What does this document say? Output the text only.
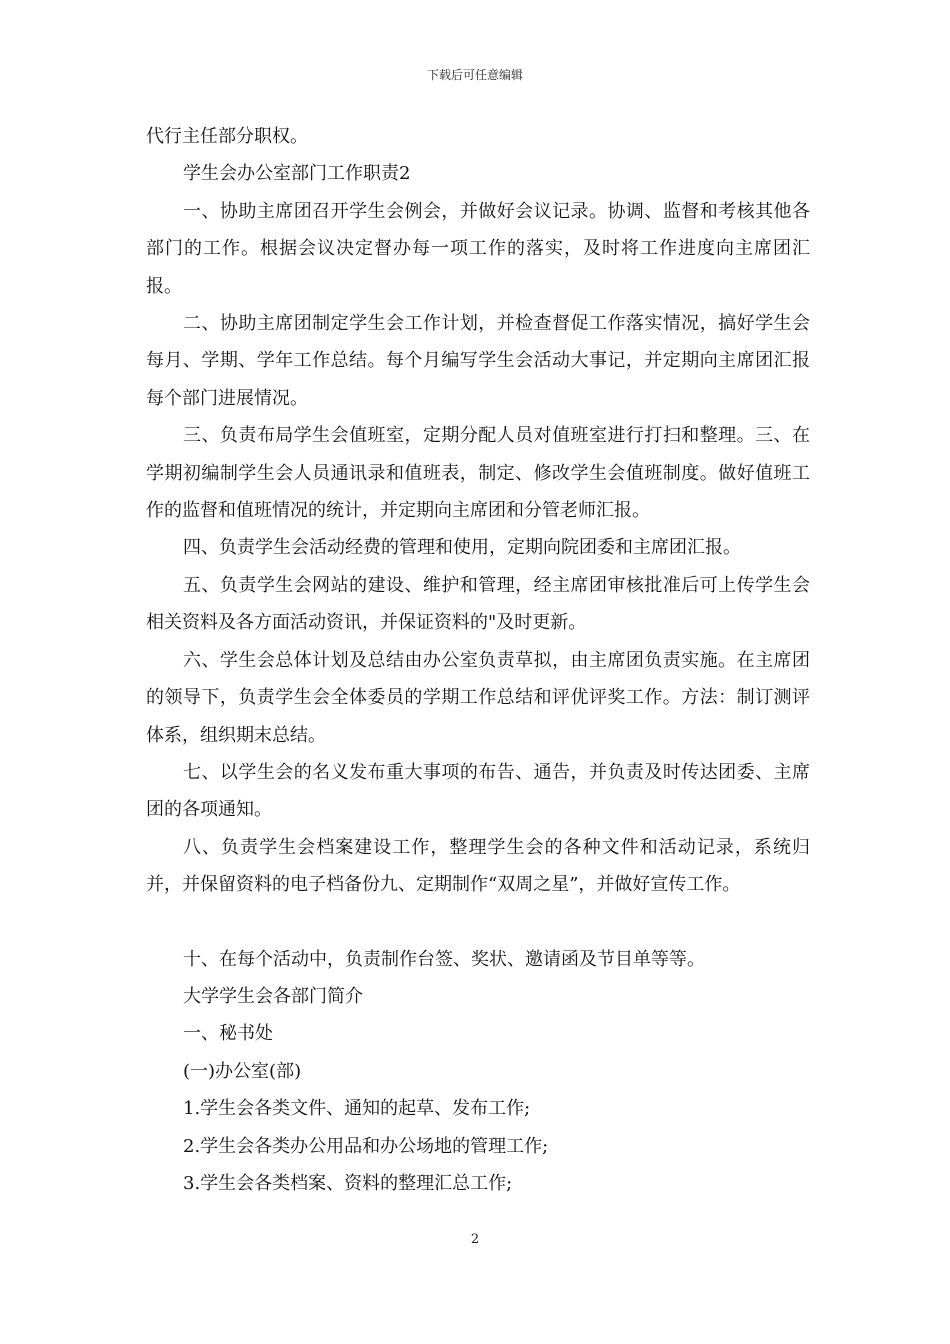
下载后可任意编辑

代行主任部分职权。

学生会办公室部门工作职责2

一、协助主席团召开学生会例会，并做好会议记录。协调、监督和考核其他各部门的工作。根据会议决定督办每一项工作的落实，及时将工作进度向主席团汇报。

二、协助主席团制定学生会工作计划，并检查督促工作落实情况，搞好学生会每月、学期、学年工作总结。每个月编写学生会活动大事记，并定期向主席团汇报每个部门进展情况。

三、负责布局学生会值班室，定期分配人员对值班室进行打扫和整理。三、在学期初编制学生会人员通讯录和值班表，制定、修改学生会值班制度。做好值班工作的监督和值班情况的统计，并定期向主席团和分管老师汇报。

四、负责学生会活动经费的管理和使用，定期向院团委和主席团汇报。

五、负责学生会网站的建设、维护和管理，经主席团审核批准后可上传学生会相关资料及各方面活动资讯，并保证资料的"及时更新。

六、学生会总体计划及总结由办公室负责草拟，由主席团负责实施。在主席团的领导下，负责学生会全体委员的学期工作总结和评优评奖工作。方法：制订测评体系，组织期末总结。

七、以学生会的名义发布重大事项的布告、通告，并负责及时传达团委、主席团的各项通知。

八、负责学生会档案建设工作，整理学生会的各种文件和活动记录，系统归并，并保留资料的电子档备份九、定期制作“双周之星”，并做好宣传工作。

十、在每个活动中，负责制作台签、奖状、邀请函及节目单等等。

大学学生会各部门简介

一、秘书处

(一)办公室(部)

1.学生会各类文件、通知的起草、发布工作;

2.学生会各类办公用品和办公场地的管理工作;

3.学生会各类档案、资料的整理汇总工作;

2
